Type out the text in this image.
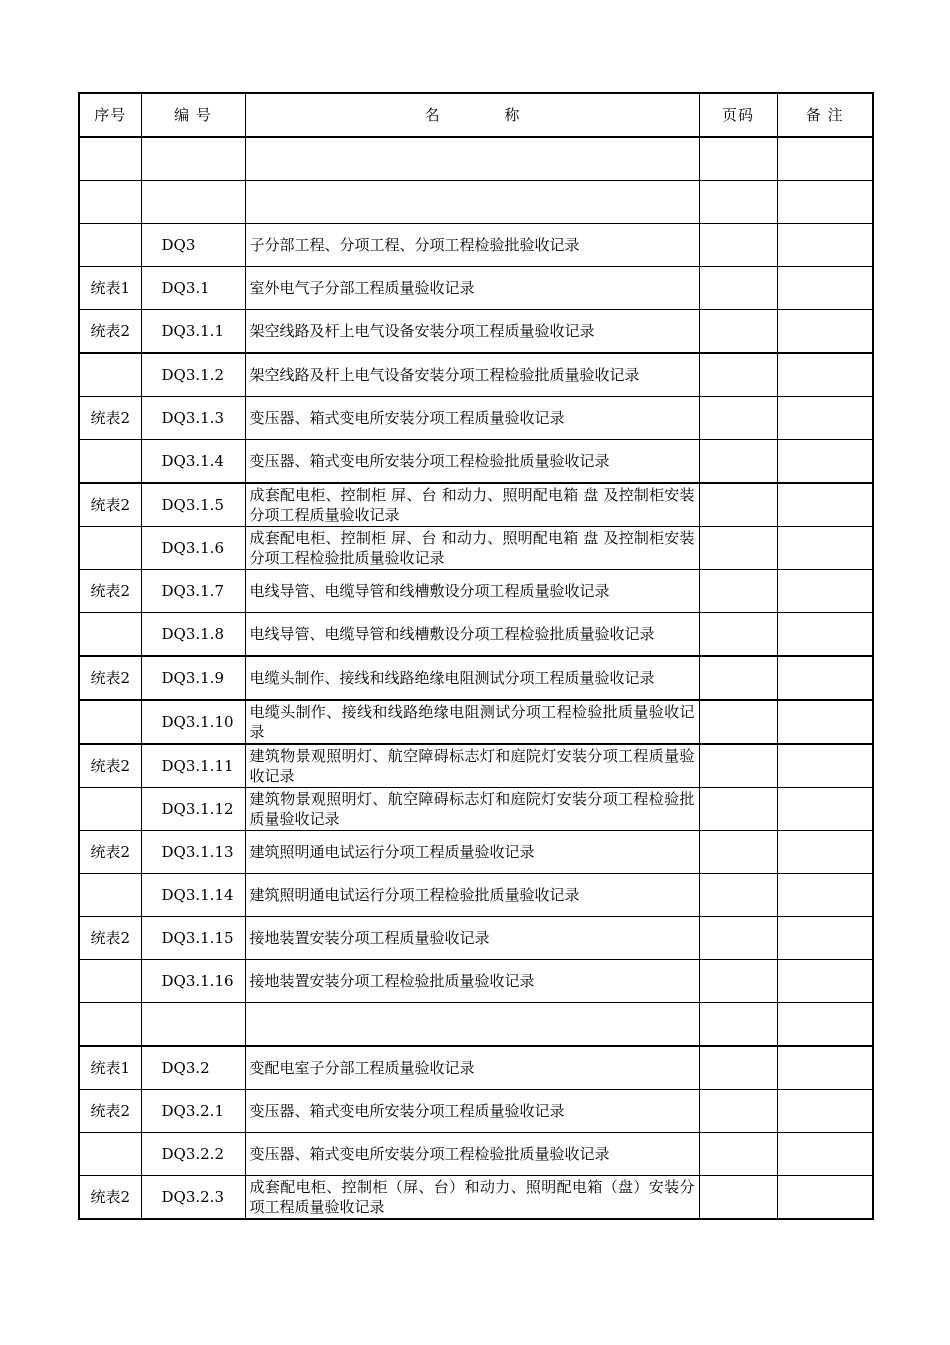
序号	编 号	名 称	页码	备 注

	DQ3	子分部工程、分项工程、分项工程检验批验收记录		
统表1	DQ3.1	室外电气子分部工程质量验收记录		
统表2	DQ3.1.1	架空线路及杆上电气设备安装分项工程质量验收记录		
	DQ3.1.2	架空线路及杆上电气设备安装分项工程检验批质量验收记录		
统表2	DQ3.1.3	变压器、箱式变电所安装分项工程质量验收记录		
	DQ3.1.4	变压器、箱式变电所安装分项工程检验批质量验收记录		
统表2	DQ3.1.5	成套配电柜、控制柜 屏、台 和动力、照明配电箱 盘 及控制柜安装分项工程质量验收记录		
	DQ3.1.6	成套配电柜、控制柜 屏、台 和动力、照明配电箱 盘 及控制柜安装分项工程检验批质量验收记录		
统表2	DQ3.1.7	电线导管、电缆导管和线槽敷设分项工程质量验收记录		
	DQ3.1.8	电线导管、电缆导管和线槽敷设分项工程检验批质量验收记录		
统表2	DQ3.1.9	电缆头制作、接线和线路绝缘电阻测试分项工程质量验收记录		
	DQ3.1.10	电缆头制作、接线和线路绝缘电阻测试分项工程检验批质量验收记录		
统表2	DQ3.1.11	建筑物景观照明灯、航空障碍标志灯和庭院灯安装分项工程质量验收记录		
	DQ3.1.12	建筑物景观照明灯、航空障碍标志灯和庭院灯安装分项工程检验批质量验收记录		
统表2	DQ3.1.13	建筑照明通电试运行分项工程质量验收记录		
	DQ3.1.14	建筑照明通电试运行分项工程检验批质量验收记录		
统表2	DQ3.1.15	接地装置安装分项工程质量验收记录		
	DQ3.1.16	接地装置安装分项工程检验批质量验收记录		

统表1	DQ3.2	变配电室子分部工程质量验收记录		
统表2	DQ3.2.1	变压器、箱式变电所安装分项工程质量验收记录		
	DQ3.2.2	变压器、箱式变电所安装分项工程检验批质量验收记录		
统表2	DQ3.2.3	成套配电柜、控制柜（屏、台）和动力、照明配电箱（盘）安装分项工程质量验收记录		
